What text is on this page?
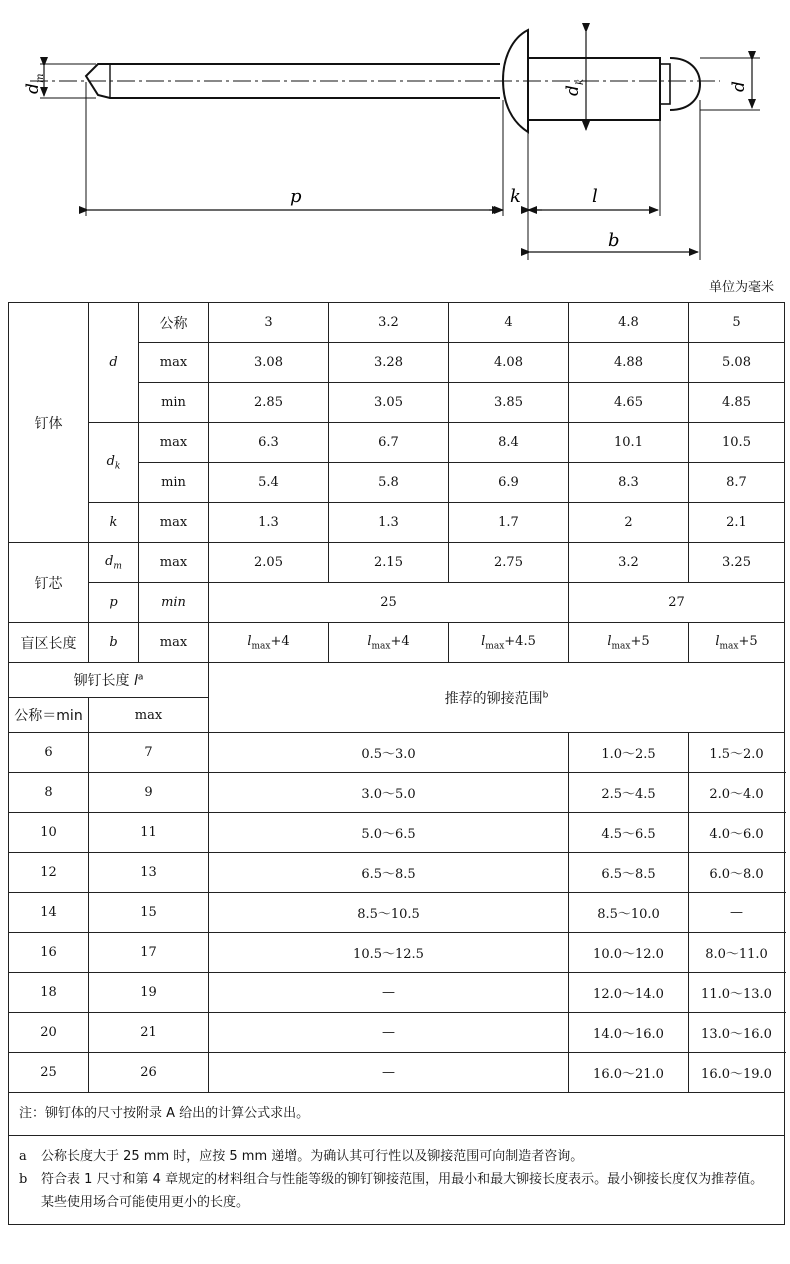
p	k	l
b
d
m
d
k	d
单位为毫米
钉体	d	公称	3	3.2	4	4.8	5
		max	3.08	3.28	4.08	4.88	5.08
		min	2.85	3.05	3.85	4.65	4.85
	$d_k$	max	6.3	6.7	8.4	10.1	10.5
		min	5.4	5.8	6.9	8.3	8.7
	k	max	1.3	1.3	1.7	2	2.1
钉芯	$d_m$	max	2.05	2.15	2.75	3.2	3.25
	p	min	25			27	
盲区长度	b	max	$l_{max}+4$	$l_{max}+4$	$l_{max}+4.5$	$l_{max}+5$	$l_{max}+5$
铆钉长度 $l^a$			推荐的铆接范围$^b$
公称＝min	max						
6	7		0.5～3.0			1.0～2.5	1.5～2.0
8	9		3.0～5.0			2.5～4.5	2.0～4.0
10	11		5.0～6.5			4.5～6.5	4.0～6.0
12	13		6.5～8.5			6.5～8.5	6.0～8.0
14	15		8.5～10.5			8.5～10.0	—
16	17		10.5～12.5			10.0～12.0	8.0～11.0
18	19		—			12.0～14.0	11.0～13.0
20	21		—			14.0～16.0	13.0～16.0
25	26		—			16.0～21.0	16.0～19.0
注：铆钉体的尺寸按附录 A 给出的计算公式求出。							

a 公称长度大于 25 mm 时，应按 5 mm 递增。为确认其可行性以及铆接范围可向制造者咨询。
b 符合表 1 尺寸和第 4 章规定的材料组合与性能等级的铆钉铆接范围，用最小和最大铆接长度表示。最小铆接长度仅为推荐值。某些使用场合可能使用更小的长度。							
